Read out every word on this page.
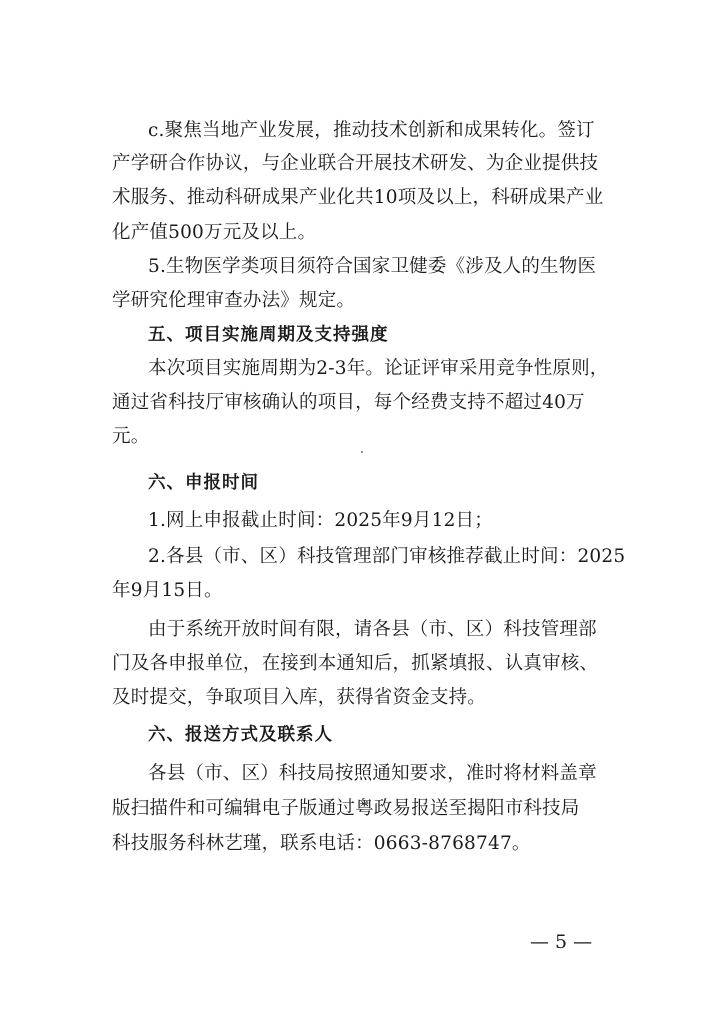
c.聚焦当地产业发展，推动技术创新和成果转化。签订
产学研合作协议，与企业联合开展技术研发、为企业提供技
术服务、推动科研成果产业化共10项及以上，科研成果产业
化产值500万元及以上。
5.生物医学类项目须符合国家卫健委《涉及人的生物医
学研究伦理审查办法》规定。
五、项目实施周期及支持强度
本次项目实施周期为2-3年。论证评审采用竞争性原则，
通过省科技厅审核确认的项目，每个经费支持不超过40万
元。
六、申报时间
1.网上申报截止时间：2025年9月12日；
2.各县（市、区）科技管理部门审核推荐截止时间：2025
年9月15日。
由于系统开放时间有限，请各县（市、区）科技管理部
门及各申报单位，在接到本通知后，抓紧填报、认真审核、
及时提交，争取项目入库，获得省资金支持。
六、报送方式及联系人
各县（市、区）科技局按照通知要求，准时将材料盖章
版扫描件和可编辑电子版通过粤政易报送至揭阳市科技局
科技服务科林艺瑾，联系电话：0663-8768747。
— 5 —
